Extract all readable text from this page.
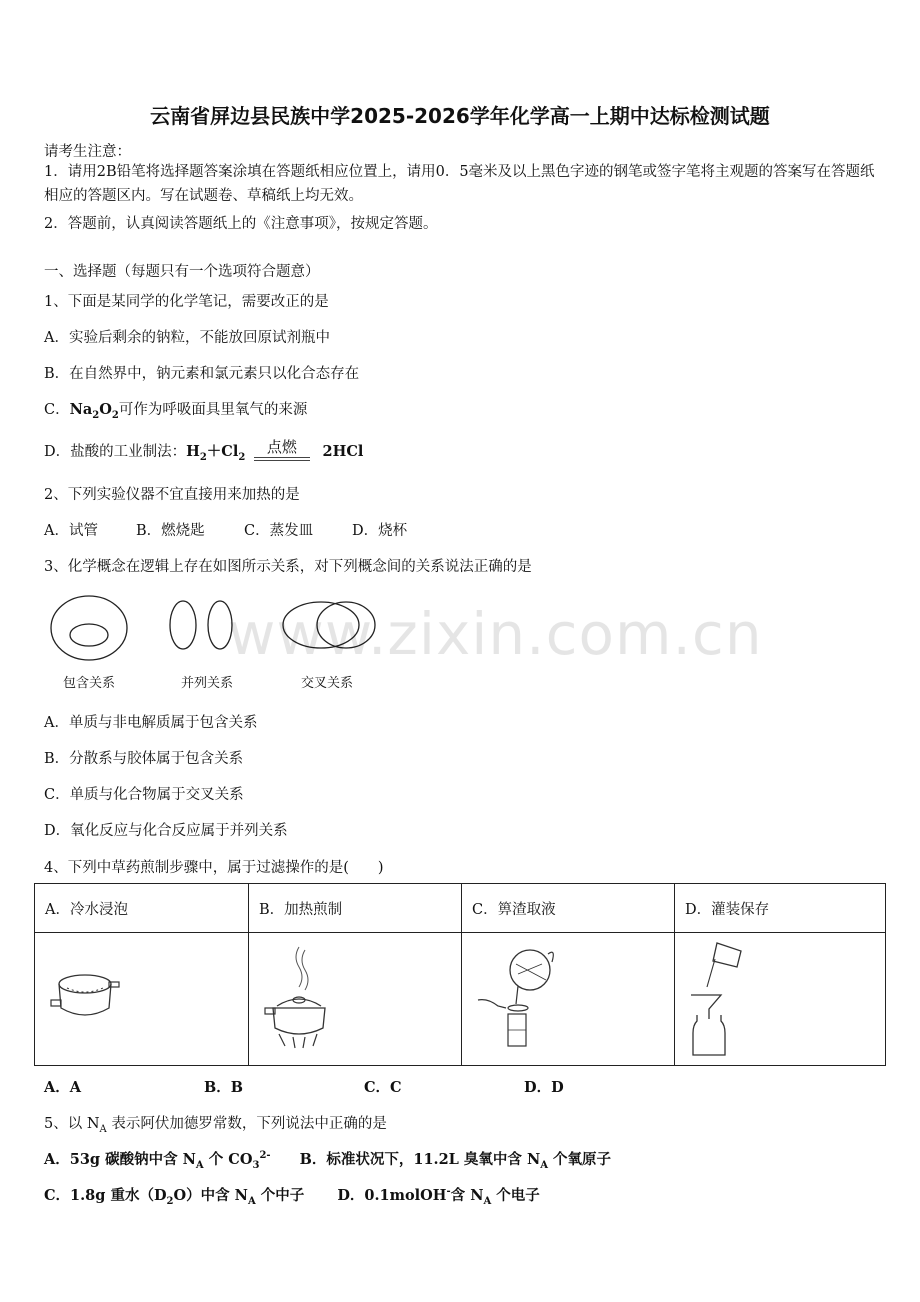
云南省屏边县民族中学2025-2026学年化学高一上期中达标检测试题
请考生注意：
1．请用2B铅笔将选择题答案涂填在答题纸相应位置上，请用0．5毫米及以上黑色字迹的钢笔或签字笔将主观题的答案写在答题纸相应的答题区内。写在试题卷、草稿纸上均无效。
2．答题前，认真阅读答题纸上的《注意事项》，按规定答题。
一、选择题（每题只有一个选项符合题意）
1、下面是某同学的化学笔记，需要改正的是
A．实验后剩余的钠粒，不能放回原试剂瓶中
B．在自然界中，钠元素和氯元素只以化合态存在
C．$Na_2O_2$可作为呼吸面具里氧气的来源
D．盐酸的工业制法：$H_2+Cl_2$ 点燃 2HCl
2、下列实验仪器不宜直接用来加热的是
A．试管	B．燃烧匙	C．蒸发皿	D．烧杯
3、化学概念在逻辑上存在如图所示关系，对下列概念间的关系说法正确的是
包含关系	并列关系	交叉关系
www.zixin.com.cn
A．单质与非电解质属于包含关系
B．分散系与胶体属于包含关系
C．单质与化合物属于交叉关系
D．氧化反应与化合反应属于并列关系
4、下列中草药煎制步骤中，属于过滤操作的是(　　)
A．冷水浸泡	B．加热煎制	C．箅渣取液	D．灌装保存

A．A	B．B	C．C	D．D
5、以 $N_A$ 表示阿伏加德罗常数，下列说法中正确的是
A．53g 碳酸钠中含 $N_A$ 个 $CO_3^{2-}$ B．标准状况下，11.2L 臭氧中含 $N_A$ 个氧原子
C．1.8g 重水$(D_2O)$中含 $N_A$ 个中子 D．0.1molOH-含 $N_A$ 个电子
